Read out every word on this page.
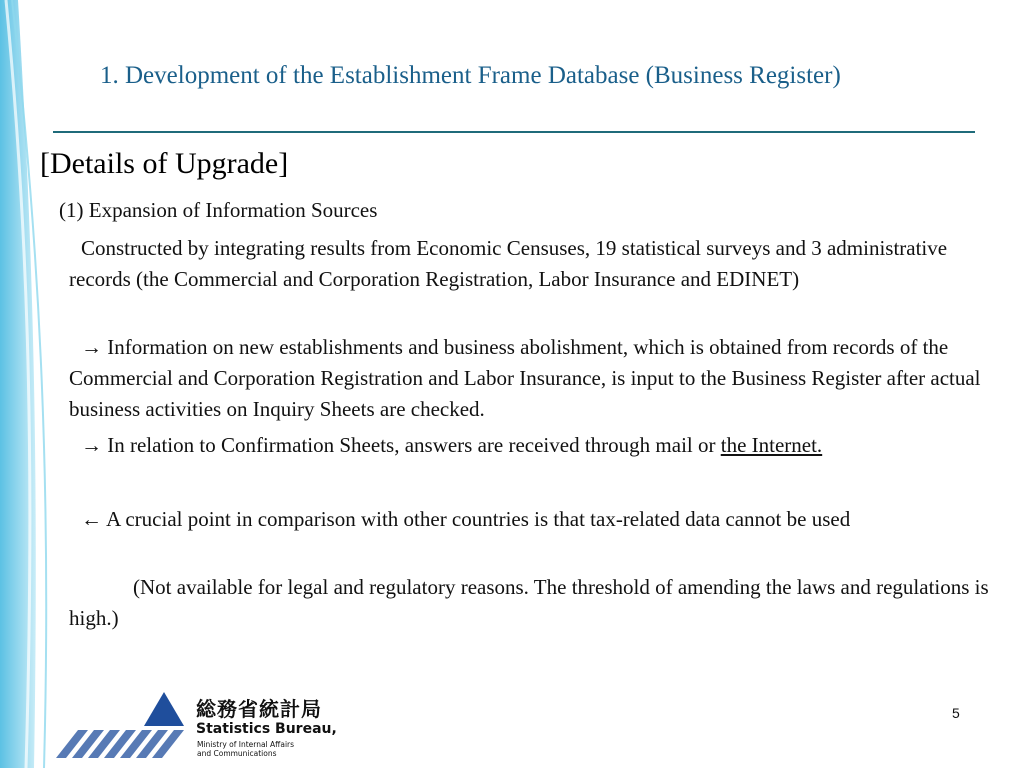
1. Development of the Establishment Frame Database (Business Register)
[Details of Upgrade]
(1) Expansion of Information Sources
Constructed by integrating results from Economic Censuses, 19 statistical surveys and 3 administrative records (the Commercial and Corporation Registration, Labor Insurance and EDINET)
→ Information on new establishments and business abolishment, which is obtained from records of the Commercial and Corporation Registration and Labor Insurance, is input to the Business Register after actual business activities on Inquiry Sheets are checked.
→ In relation to Confirmation Sheets, answers are received through mail or the Internet.
← A crucial point in comparison with other countries is that tax-related data cannot be used
(Not available for legal and regulatory reasons. The threshold of amending the laws and regulations is high.)
総務省統計局
Statistics Bureau,
Ministry of Internal Affairs
and Communications
5
